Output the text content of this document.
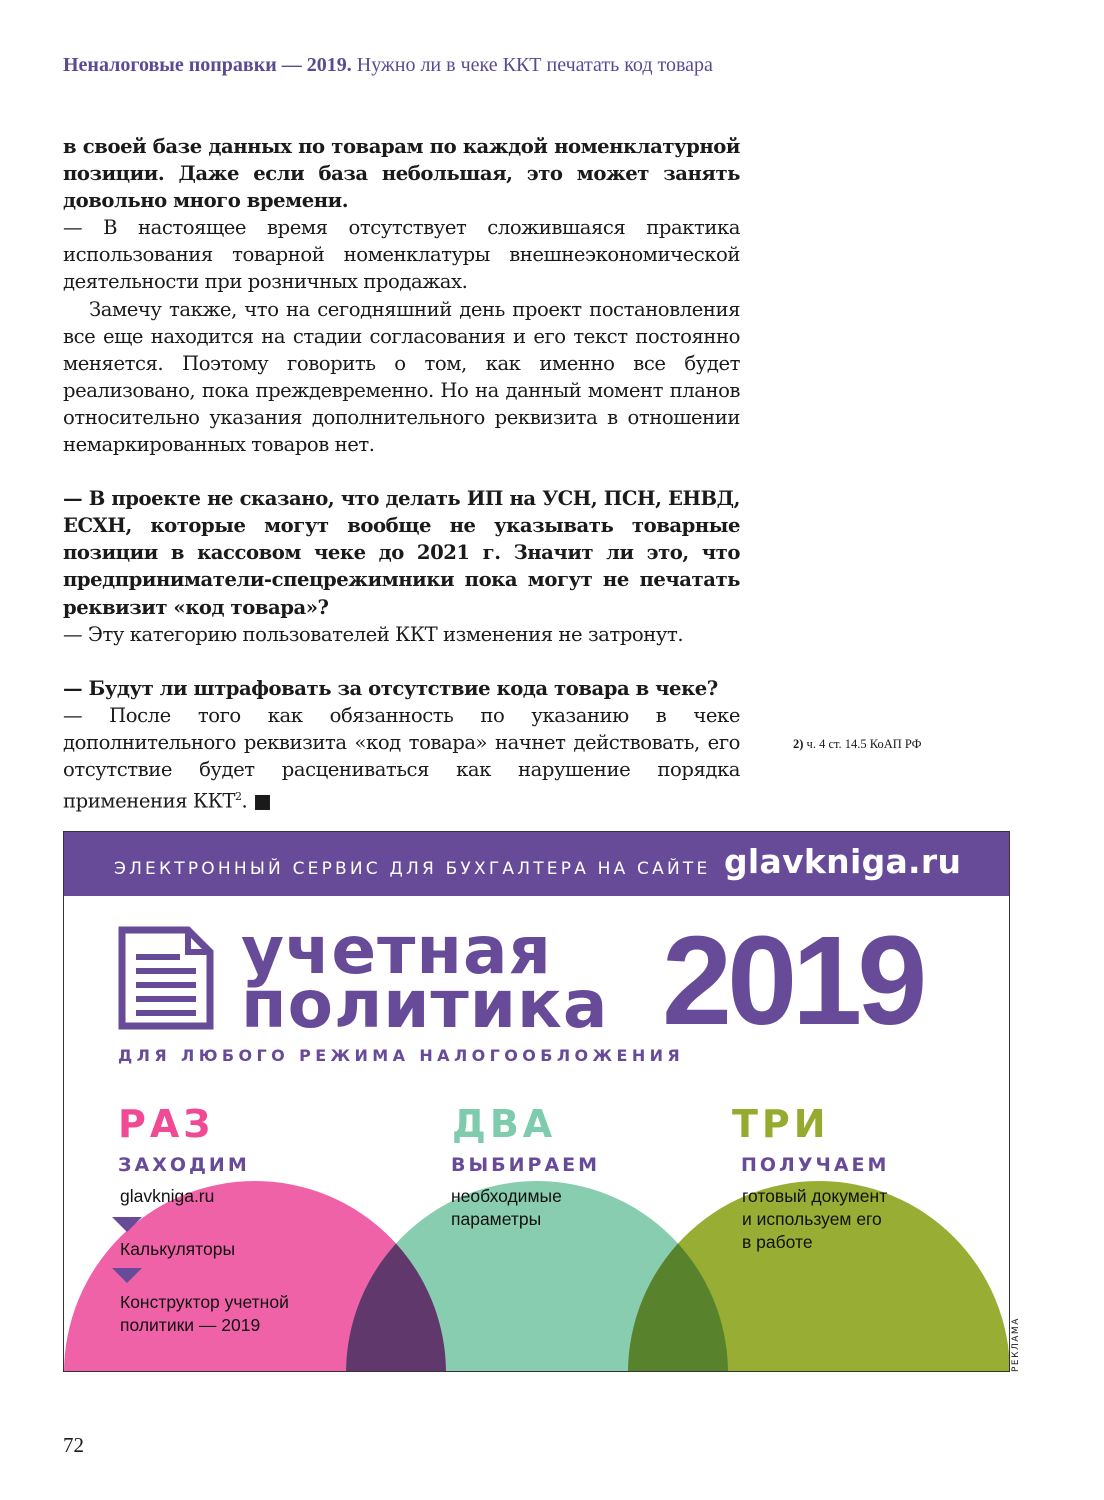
Неналоговые поправки — 2019. Нужно ли в чеке ККТ печатать код товара

в своей базе данных по товарам по каждой номенклатурной позиции. Даже если база небольшая, это может занять довольно много времени.

— В настоящее время отсутствует сложившаяся практика использования товарной номенклатуры внешнеэкономической деятельности при розничных продажах.

Замечу также, что на сегодняшний день проект постановления все еще находится на стадии согласования и его текст постоянно меняется. Поэтому говорить о том, как именно все будет реализовано, пока преждевременно. Но на данный момент планов относительно указания дополнительного реквизита в отношении немаркированных товаров нет.

— В проекте не сказано, что делать ИП на УСН, ПСН, ЕНВД, ЕСХН, которые могут вообще не указывать товарные позиции в кассовом чеке до 2021 г. Значит ли это, что предприниматели-спецрежимники пока могут не печатать реквизит «код товара»?

— Эту категорию пользователей ККТ изменения не затронут.

— Будут ли штрафовать за отсутствие кода товара в чеке?

— После того как обязанность по указанию в чеке дополнительного реквизита «код товара» начнет действовать, его отсутствие будет расцениваться как нарушение порядка применения ККТ$^2$. ■

2) ч. 4 ст. 14.5 КоАП РФ
ЭЛЕКТРОННЫЙ СЕРВИС ДЛЯ БУХГАЛТЕРА НА САЙТЕ glavkniga.ru
учетная
политика 2019
ДЛЯ ЛЮБОГО РЕЖИМА НАЛОГООБЛОЖЕНИЯ
РАЗ
ЗАХОДИМ
glavkniga.ru
Калькуляторы
Конструктор учетной
политики — 2019
ДВА
ВЫБИРАЕМ
необходимые
параметры
ТРИ
ПОЛУЧАЕМ
готовый документ
и используем его
в работе
РЕКЛАМА
72
